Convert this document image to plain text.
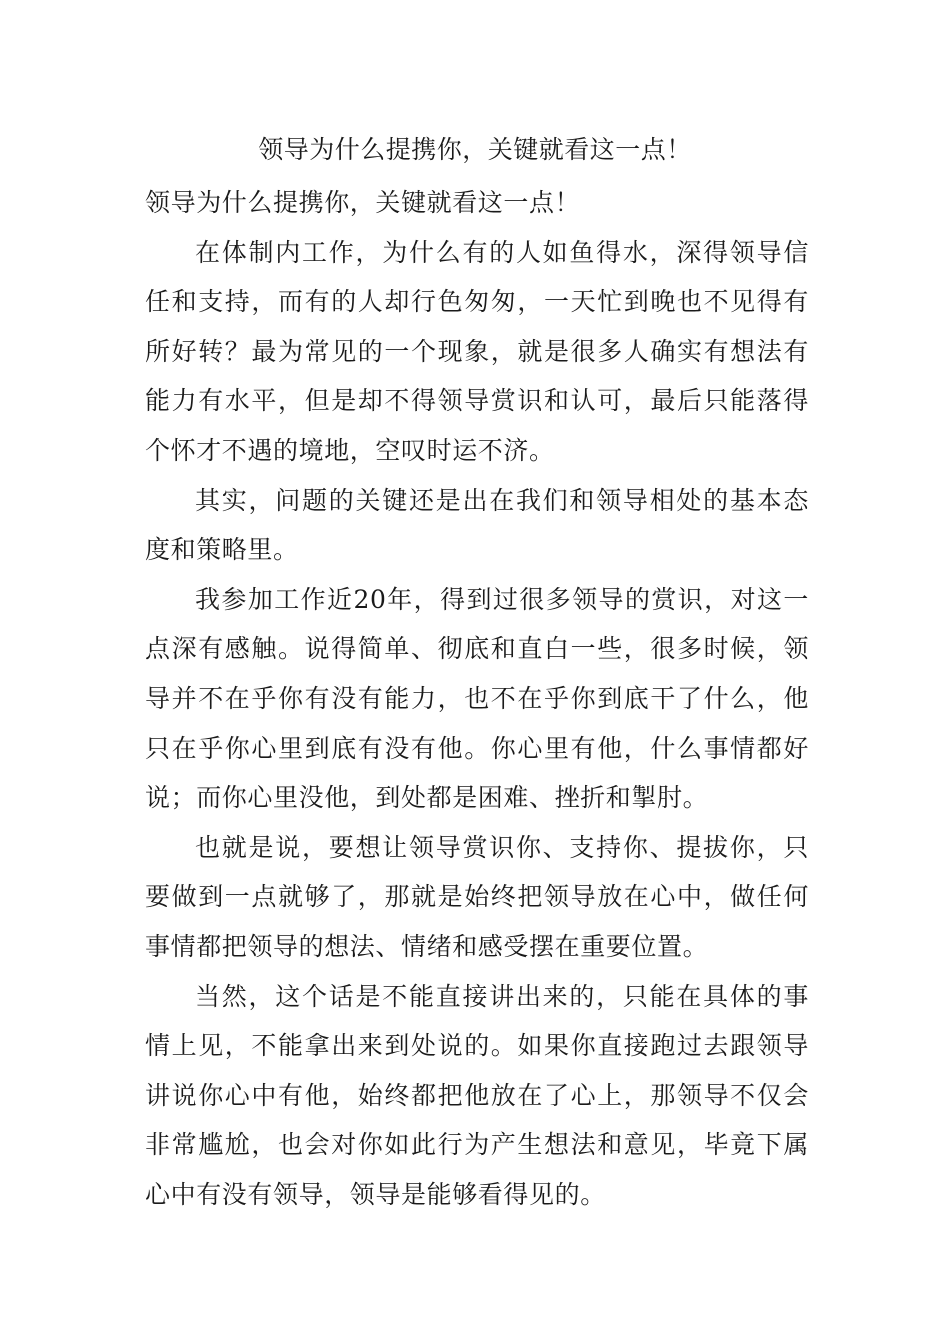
领导为什么提携你，关键就看这一点！

领导为什么提携你，关键就看这一点！

在体制内工作，为什么有的人如鱼得水，深得领导信任和支持，而有的人却行色匆匆，一天忙到晚也不见得有所好转？最为常见的一个现象，就是很多人确实有想法有能力有水平，但是却不得领导赏识和认可，最后只能落得个怀才不遇的境地，空叹时运不济。

其实，问题的关键还是出在我们和领导相处的基本态度和策略里。

我参加工作近20年，得到过很多领导的赏识，对这一点深有感触。说得简单、彻底和直白一些，很多时候，领导并不在乎你有没有能力，也不在乎你到底干了什么，他只在乎你心里到底有没有他。你心里有他，什么事情都好说；而你心里没他，到处都是困难、挫折和掣肘。

也就是说，要想让领导赏识你、支持你、提拔你，只要做到一点就够了，那就是始终把领导放在心中，做任何事情都把领导的想法、情绪和感受摆在重要位置。

当然，这个话是不能直接讲出来的，只能在具体的事情上见，不能拿出来到处说的。如果你直接跑过去跟领导讲说你心中有他，始终都把他放在了心上，那领导不仅会非常尴尬，也会对你如此行为产生想法和意见，毕竟下属心中有没有领导，领导是能够看得见的。
